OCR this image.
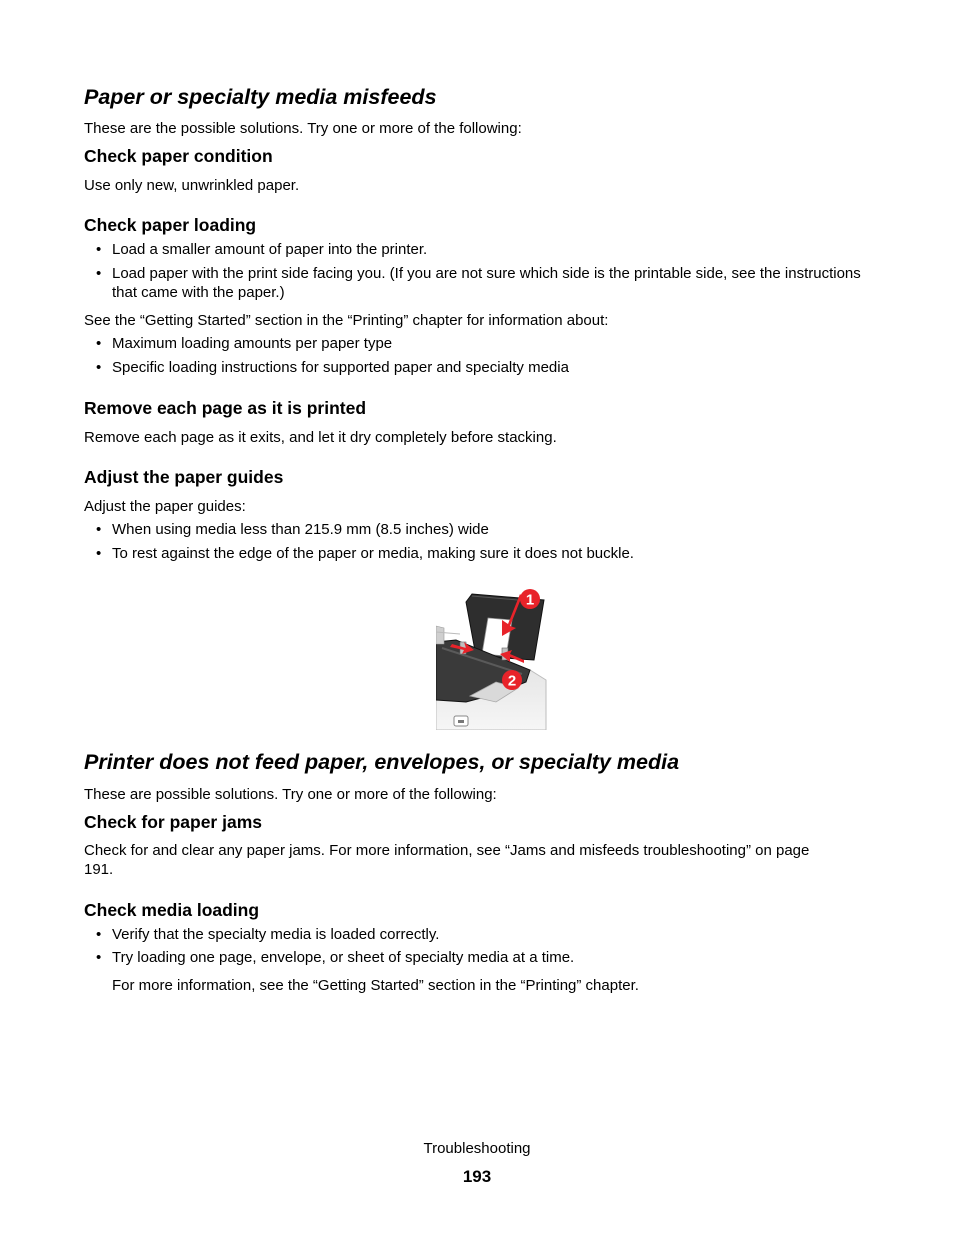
Paper or specialty media misfeeds

These are the possible solutions. Try one or more of the following:

Check paper condition

Use only new, unwrinkled paper.

Check paper loading
• Load a smaller amount of paper into the printer.
• Load paper with the print side facing you. (If you are not sure which side is the printable side, see the instructions that came with the paper.)

See the “Getting Started” section in the “Printing” chapter for information about:

• Maximum loading amounts per paper type
• Specific loading instructions for supported paper and specialty media
Remove each page as it is printed

Remove each page as it exits, and let it dry completely before stacking.

Adjust the paper guides

Adjust the paper guides:

• When using media less than 215.9 mm (8.5 inches) wide
• To rest against the edge of the paper or media, making sure it does not buckle.
1
2
Printer does not feed paper, envelopes, or specialty media

These are possible solutions. Try one or more of the following:

Check for paper jams

Check for and clear any paper jams. For more information, see “Jams and misfeeds troubleshooting” on page 191.

Check media loading
• Verify that the specialty media is loaded correctly.
• Try loading one page, envelope, or sheet of specialty media at a time.

For more information, see the “Getting Started” section in the “Printing” chapter.

Troubleshooting
193
